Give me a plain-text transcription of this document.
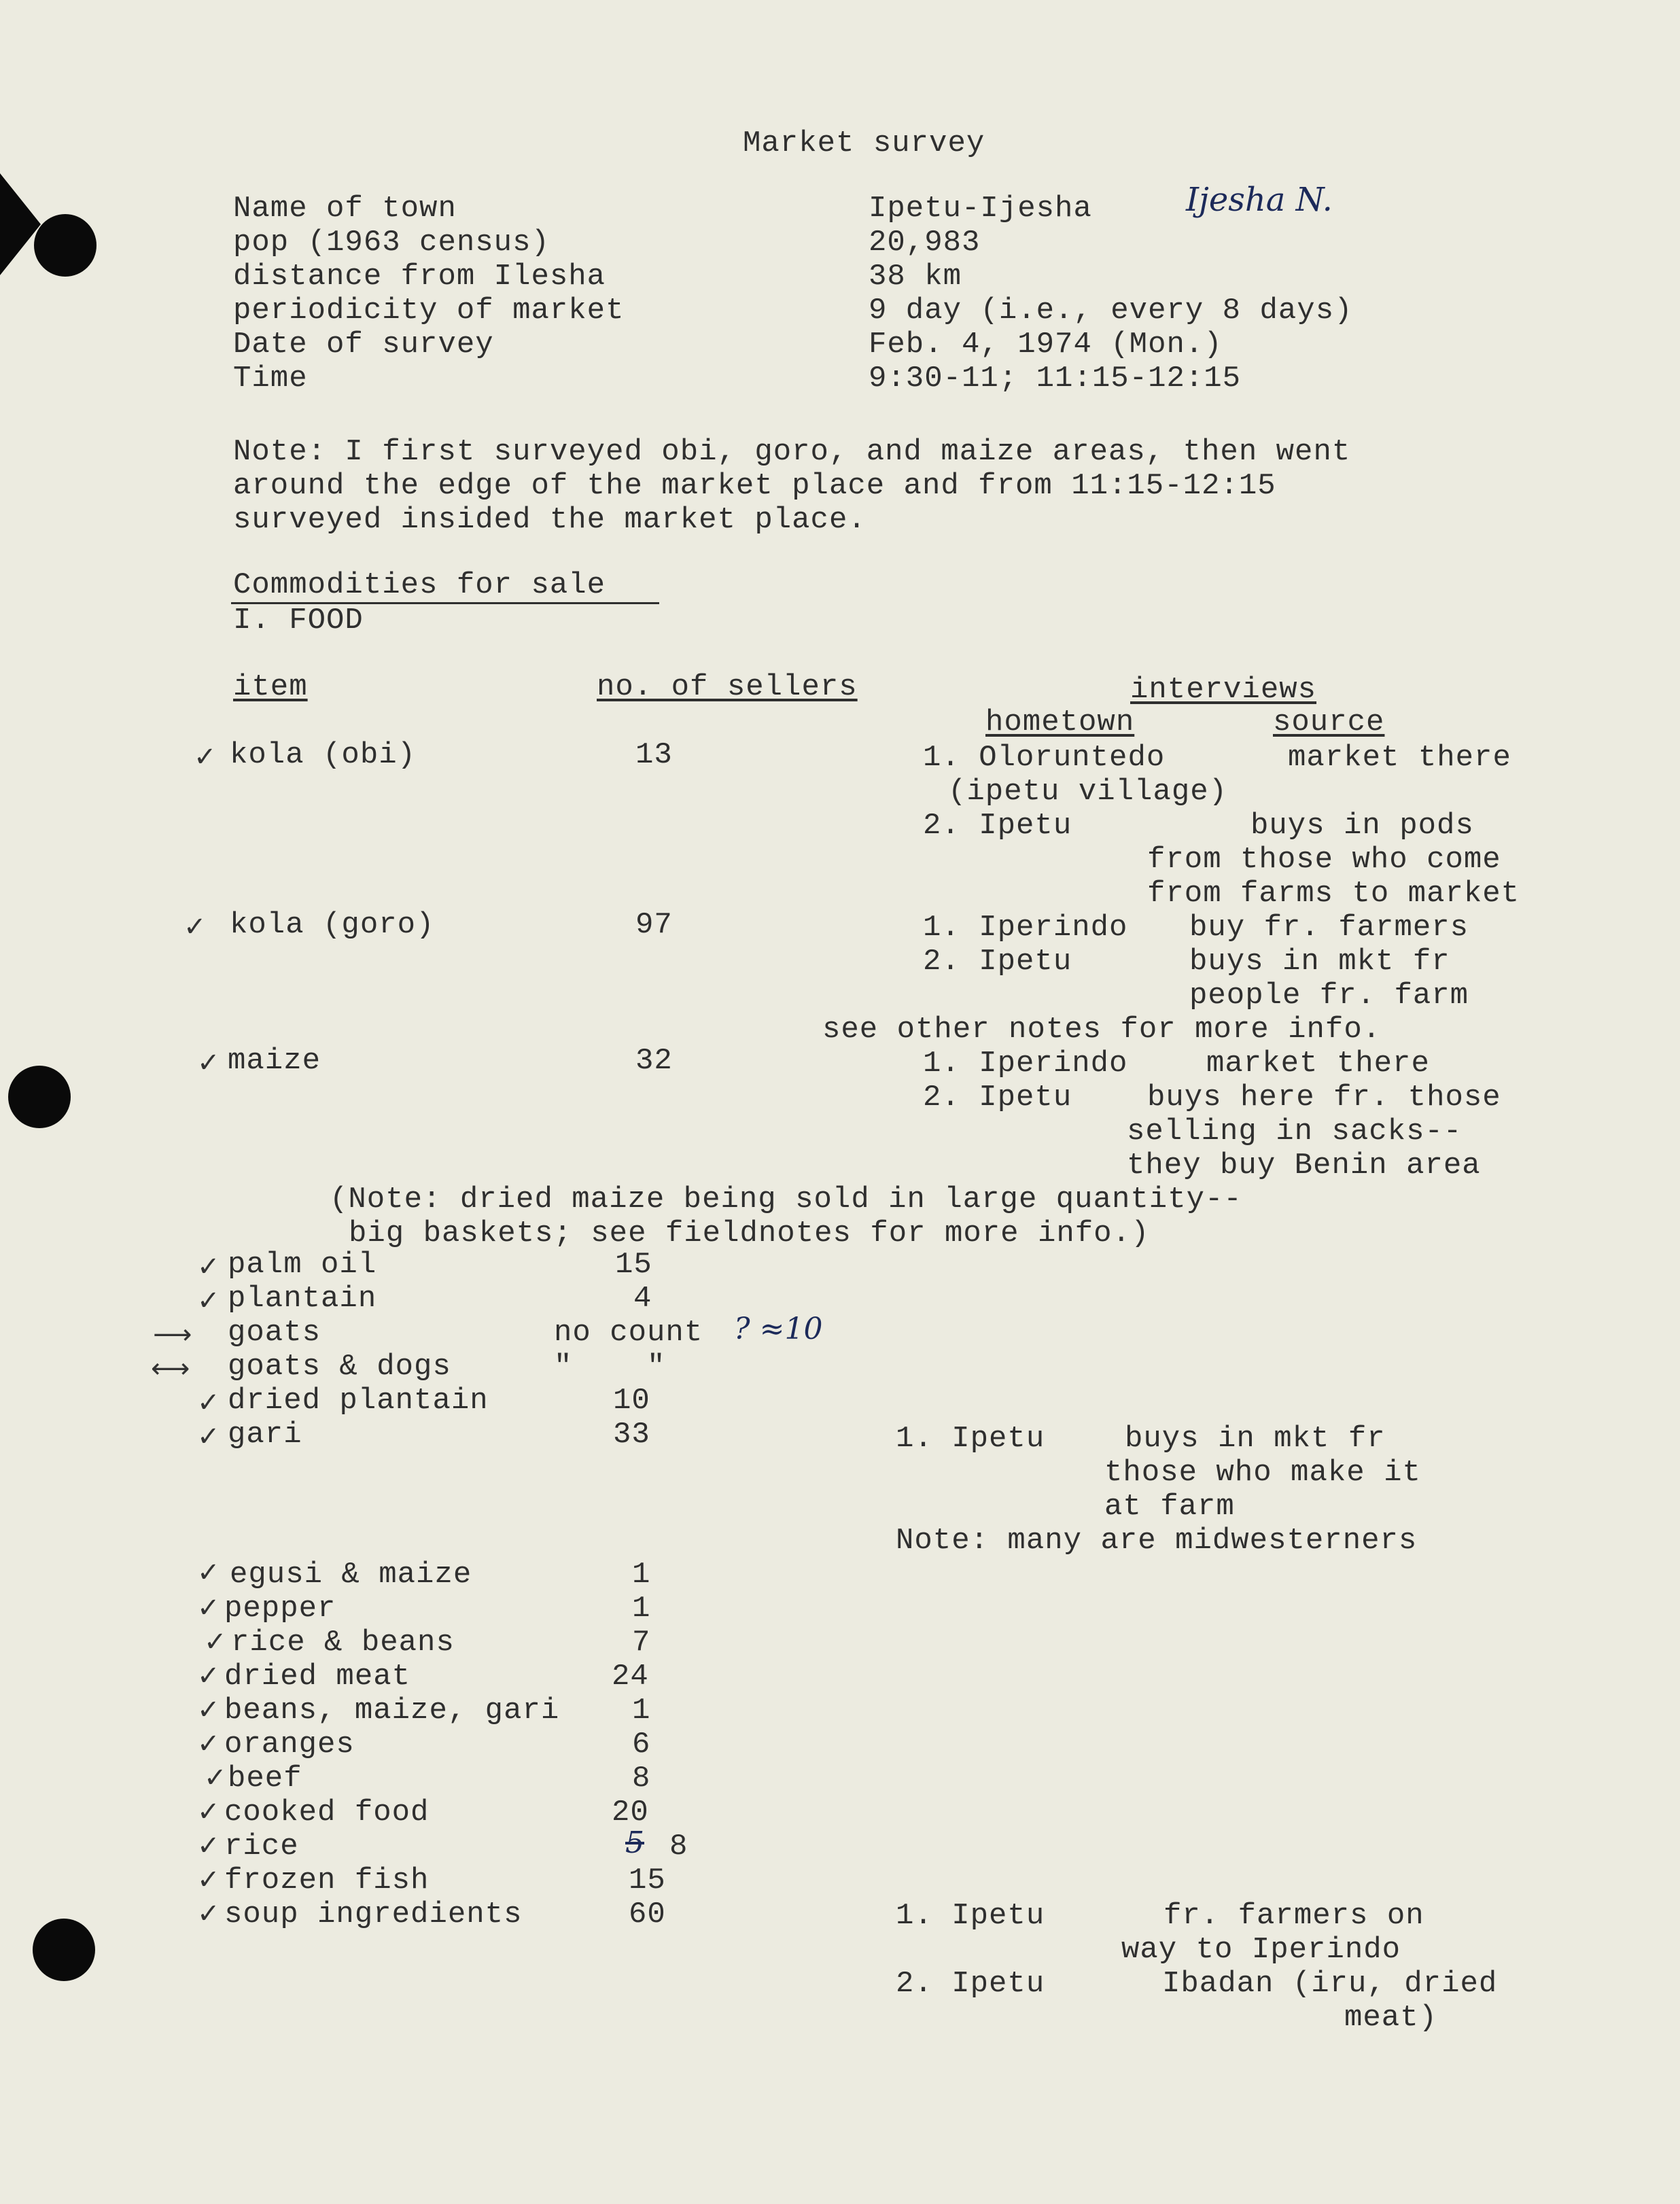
Market survey
Name of town	Ipetu-Ijesha	Ijesha N.
pop (1963 census)	20,983
distance from Ilesha	38 km
periodicity of market	9 day (i.e., every 8 days)
Date of survey	Feb. 4, 1974 (Mon.)
Time	9:30-11; 11:15-12:15
Note: I first surveyed obi, goro, and maize areas, then went
around the edge of the market place and from 11:15-12:15
surveyed insided the market place.
Commodities for sale
I. FOOD
item	no. of sellers	interviews
hometown	source
✓ kola (obi)	13	1. Oloruntedo	market there
(ipetu village)
2. Ipetu	buys in pods
from those who come
from farms to market
✓ kola (goro)	97	1. Iperindo buy fr. farmers
2. Ipetu	buys in mkt fr
people fr. farm
see other notes for more info.
✓ maize	32	1. Iperindo	market there
2. Ipetu	buys here fr. those
selling in sacks--
they buy Benin area
(Note: dried maize being sold in large quantity--
big baskets; see fieldnotes for more info.)
✓ palm oil	15
✓ plantain	4
⟶ goats	no count ? ≈10
⟷ goats & dogs	"    "
✓ dried plantain	10
✓ gari	33	1. Ipetu	buys in mkt fr
those who make it
at farm
Note: many are midwesterners
✓ egusi & maize	1
✓ pepper	1
✓ rice & beans	7
✓ dried meat	24
✓ beans, maize, gari 1
✓ oranges	6
✓ beef	8
✓ cooked food	20
✓ rice	5 8
✓ frozen fish	15
✓ soup ingredients	60	1. Ipetu	fr. farmers on
way to Iperindo
2. Ipetu	Ibadan (iru, dried
meat)
